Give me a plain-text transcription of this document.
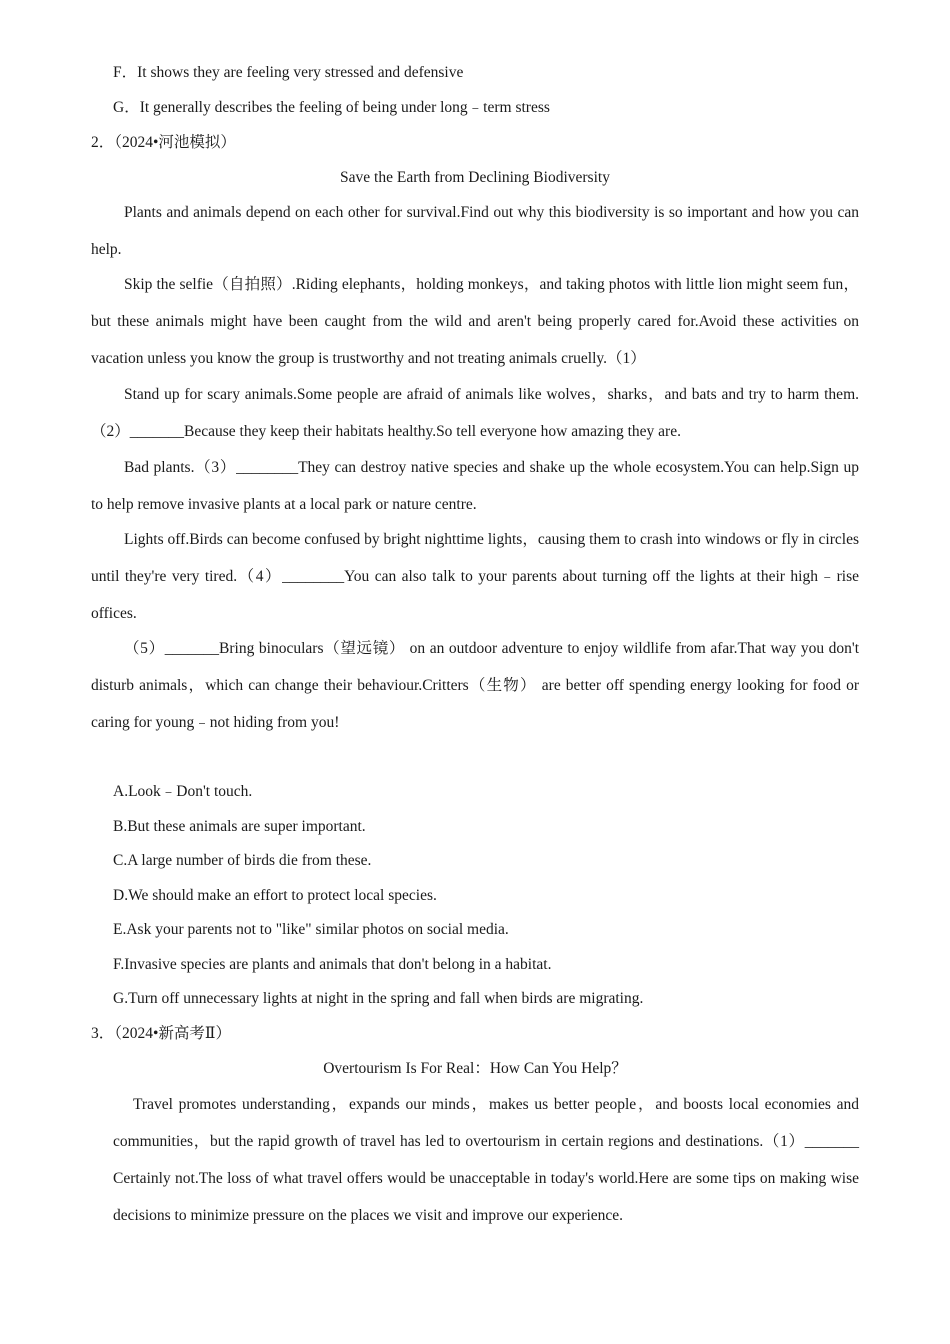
F．It shows they are feeling very stressed and defensive
G．It generally describes the feeling of being under long﹣term stress
2．（2024•河池模拟）
Save the Earth from Declining Biodiversity

Plants and animals depend on each other for survival.Find out why this biodiversity is so important and how you can help.

Skip the selfie（自拍照）.Riding elephants，holding monkeys，and taking photos with little lion might seem fun，but these animals might have been caught from the wild and aren't being properly cared for.Avoid these activities on vacation unless you know the group is trustworthy and not treating animals cruelly.（1）

Stand up for scary animals.Some people are afraid of animals like wolves，sharks，and bats and try to harm them.（2）_______Because they keep their habitats healthy.So tell everyone how amazing they are.

Bad plants.（3）________They can destroy native species and shake up the whole ecosystem.You can help.Sign up to help remove invasive plants at a local park or nature centre.

Lights off.Birds can become confused by bright nighttime lights，causing them to crash into windows or fly in circles until they're very tired.（4）________You can also talk to your parents about turning off the lights at their high﹣rise offices.

（5）_______Bring binoculars（望远镜） on an outdoor adventure to enjoy wildlife from afar.That way you don't disturb animals，which can change their behaviour.Critters（生物） are better off spending energy looking for food or caring for young﹣not hiding from you!

A.Look﹣Don't touch.
B.But these animals are super important.
C.A large number of birds die from these.
D.We should make an effort to protect local species.
E.Ask your parents not to "like" similar photos on social media.
F.Invasive species are plants and animals that don't belong in a habitat.
G.Turn off unnecessary lights at night in the spring and fall when birds are migrating.
3．（2024•新高考Ⅱ）
Overtourism Is For Real：How Can You Help？

Travel promotes understanding，expands our minds，makes us better people，and boosts local economies and communities，but the rapid growth of travel has led to overtourism in certain regions and destinations.（1）_______ Certainly not.The loss of what travel offers would be unacceptable in today's world.Here are some tips on making wise decisions to minimize pressure on the places we visit and improve our experience.
